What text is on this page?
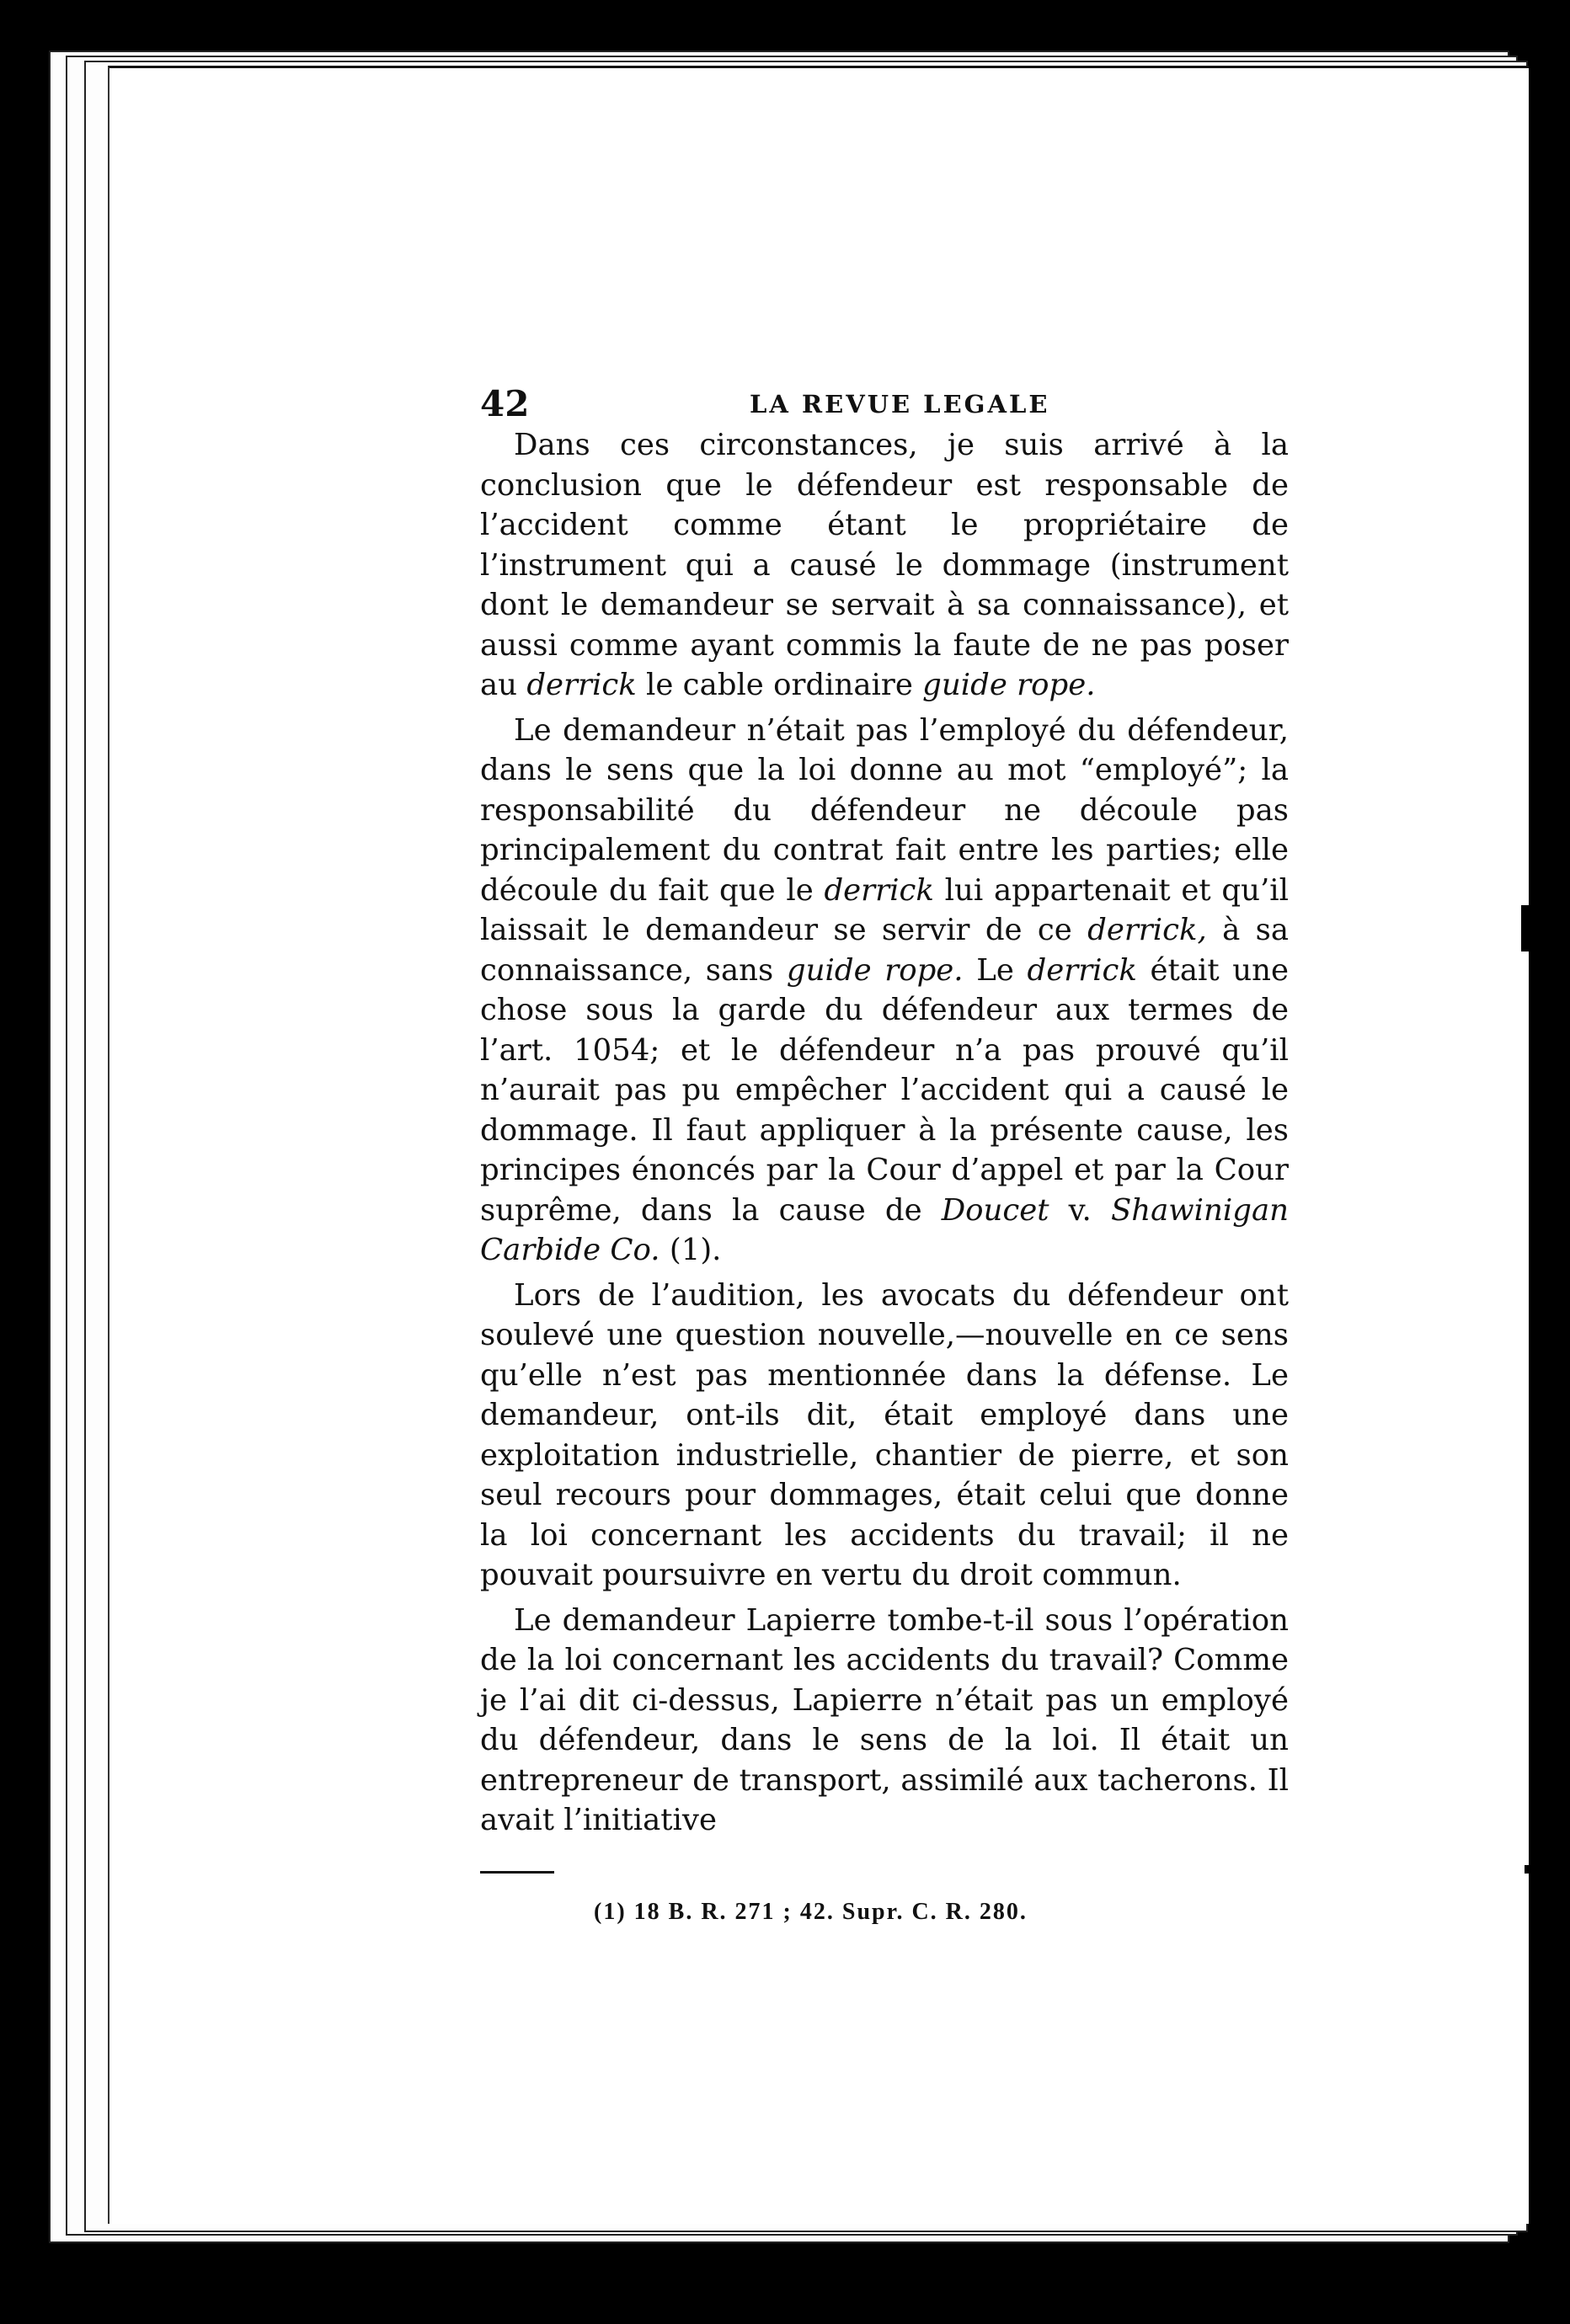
42	LA REVUE LEGALE

Dans ces circonstances, je suis arrivé à la conclusion que le défendeur est responsable de l’accident comme étant le propriétaire de l’instrument qui a causé le dommage (instrument dont le demandeur se servait à sa connaissance), et aussi comme ayant commis la faute de ne pas poser au derrick le cable ordinaire guide rope.

Le demandeur n’était pas l’employé du défendeur, dans le sens que la loi donne au mot “employé”; la responsabilité du défendeur ne découle pas principalement du contrat fait entre les parties; elle découle du fait que le derrick lui appartenait et qu’il laissait le demandeur se servir de ce derrick, à sa connaissance, sans guide rope. Le derrick était une chose sous la garde du défendeur aux termes de l’art. 1054; et le défendeur n’a pas prouvé qu’il n’aurait pas pu empêcher l’accident qui a causé le dommage. Il faut appliquer à la présente cause, les principes énoncés par la Cour d’appel et par la Cour suprême, dans la cause de Doucet v. Shawinigan Carbide Co. (1).

Lors de l’audition, les avocats du défendeur ont soulevé une question nouvelle,—nouvelle en ce sens qu’elle n’est pas mentionnée dans la défense. Le demandeur, ont-ils dit, était employé dans une exploitation industrielle, chantier de pierre, et son seul recours pour dommages, était celui que donne la loi concernant les accidents du travail; il ne pouvait poursuivre en vertu du droit commun.

Le demandeur Lapierre tombe-t-il sous l’opération de la loi concernant les accidents du travail? Comme je l’ai dit ci-dessus, Lapierre n’était pas un employé du défendeur, dans le sens de la loi. Il était un entrepreneur de transport, assimilé aux tacherons. Il avait l’initiative

(1) 18 B. R. 271 ; 42. Supr. C. R. 280.
